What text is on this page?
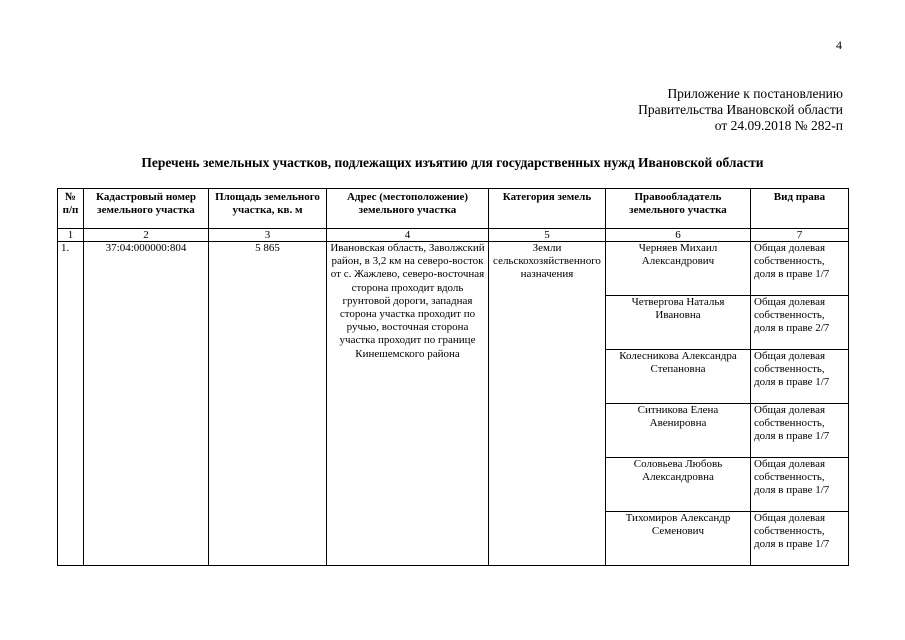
4
Приложение к постановлению
Правительства Ивановской области
от 24.09.2018 № 282-п
Перечень земельных участков, подлежащих изъятию для государственных нужд Ивановской области
№ п/п	Кадастровый номер земельного участка	Площадь земельного участка, кв. м	Адрес (местоположение) земельного участка	Категория земель	Правообладатель земельного участка	Вид права
1	2	3	4	5	6	7
1.	37:04:000000:804	5 865	Ивановская область, Заволжский район, в 3,2 км на северо-восток от с. Жажлево, северо-восточная сторона проходит вдоль грунтовой дороги, западная сторона участка проходит по ручью, восточная сторона участка проходит по границе Кинешемского района	Земли сельскохозяйственного назначения	Черняев Михаил Александрович	Общая долевая собственность, доля в праве 1/7
					Четвергова Наталья Ивановна	Общая долевая собственность, доля в праве 2/7
					Колесникова Александра Степановна	Общая долевая собственность, доля в праве 1/7
					Ситникова Елена Авенировна	Общая долевая собственность, доля в праве 1/7
					Соловьева Любовь Александровна	Общая долевая собственность, доля в праве 1/7
					Тихомиров Александр Семенович	Общая долевая собственность, доля в праве 1/7
